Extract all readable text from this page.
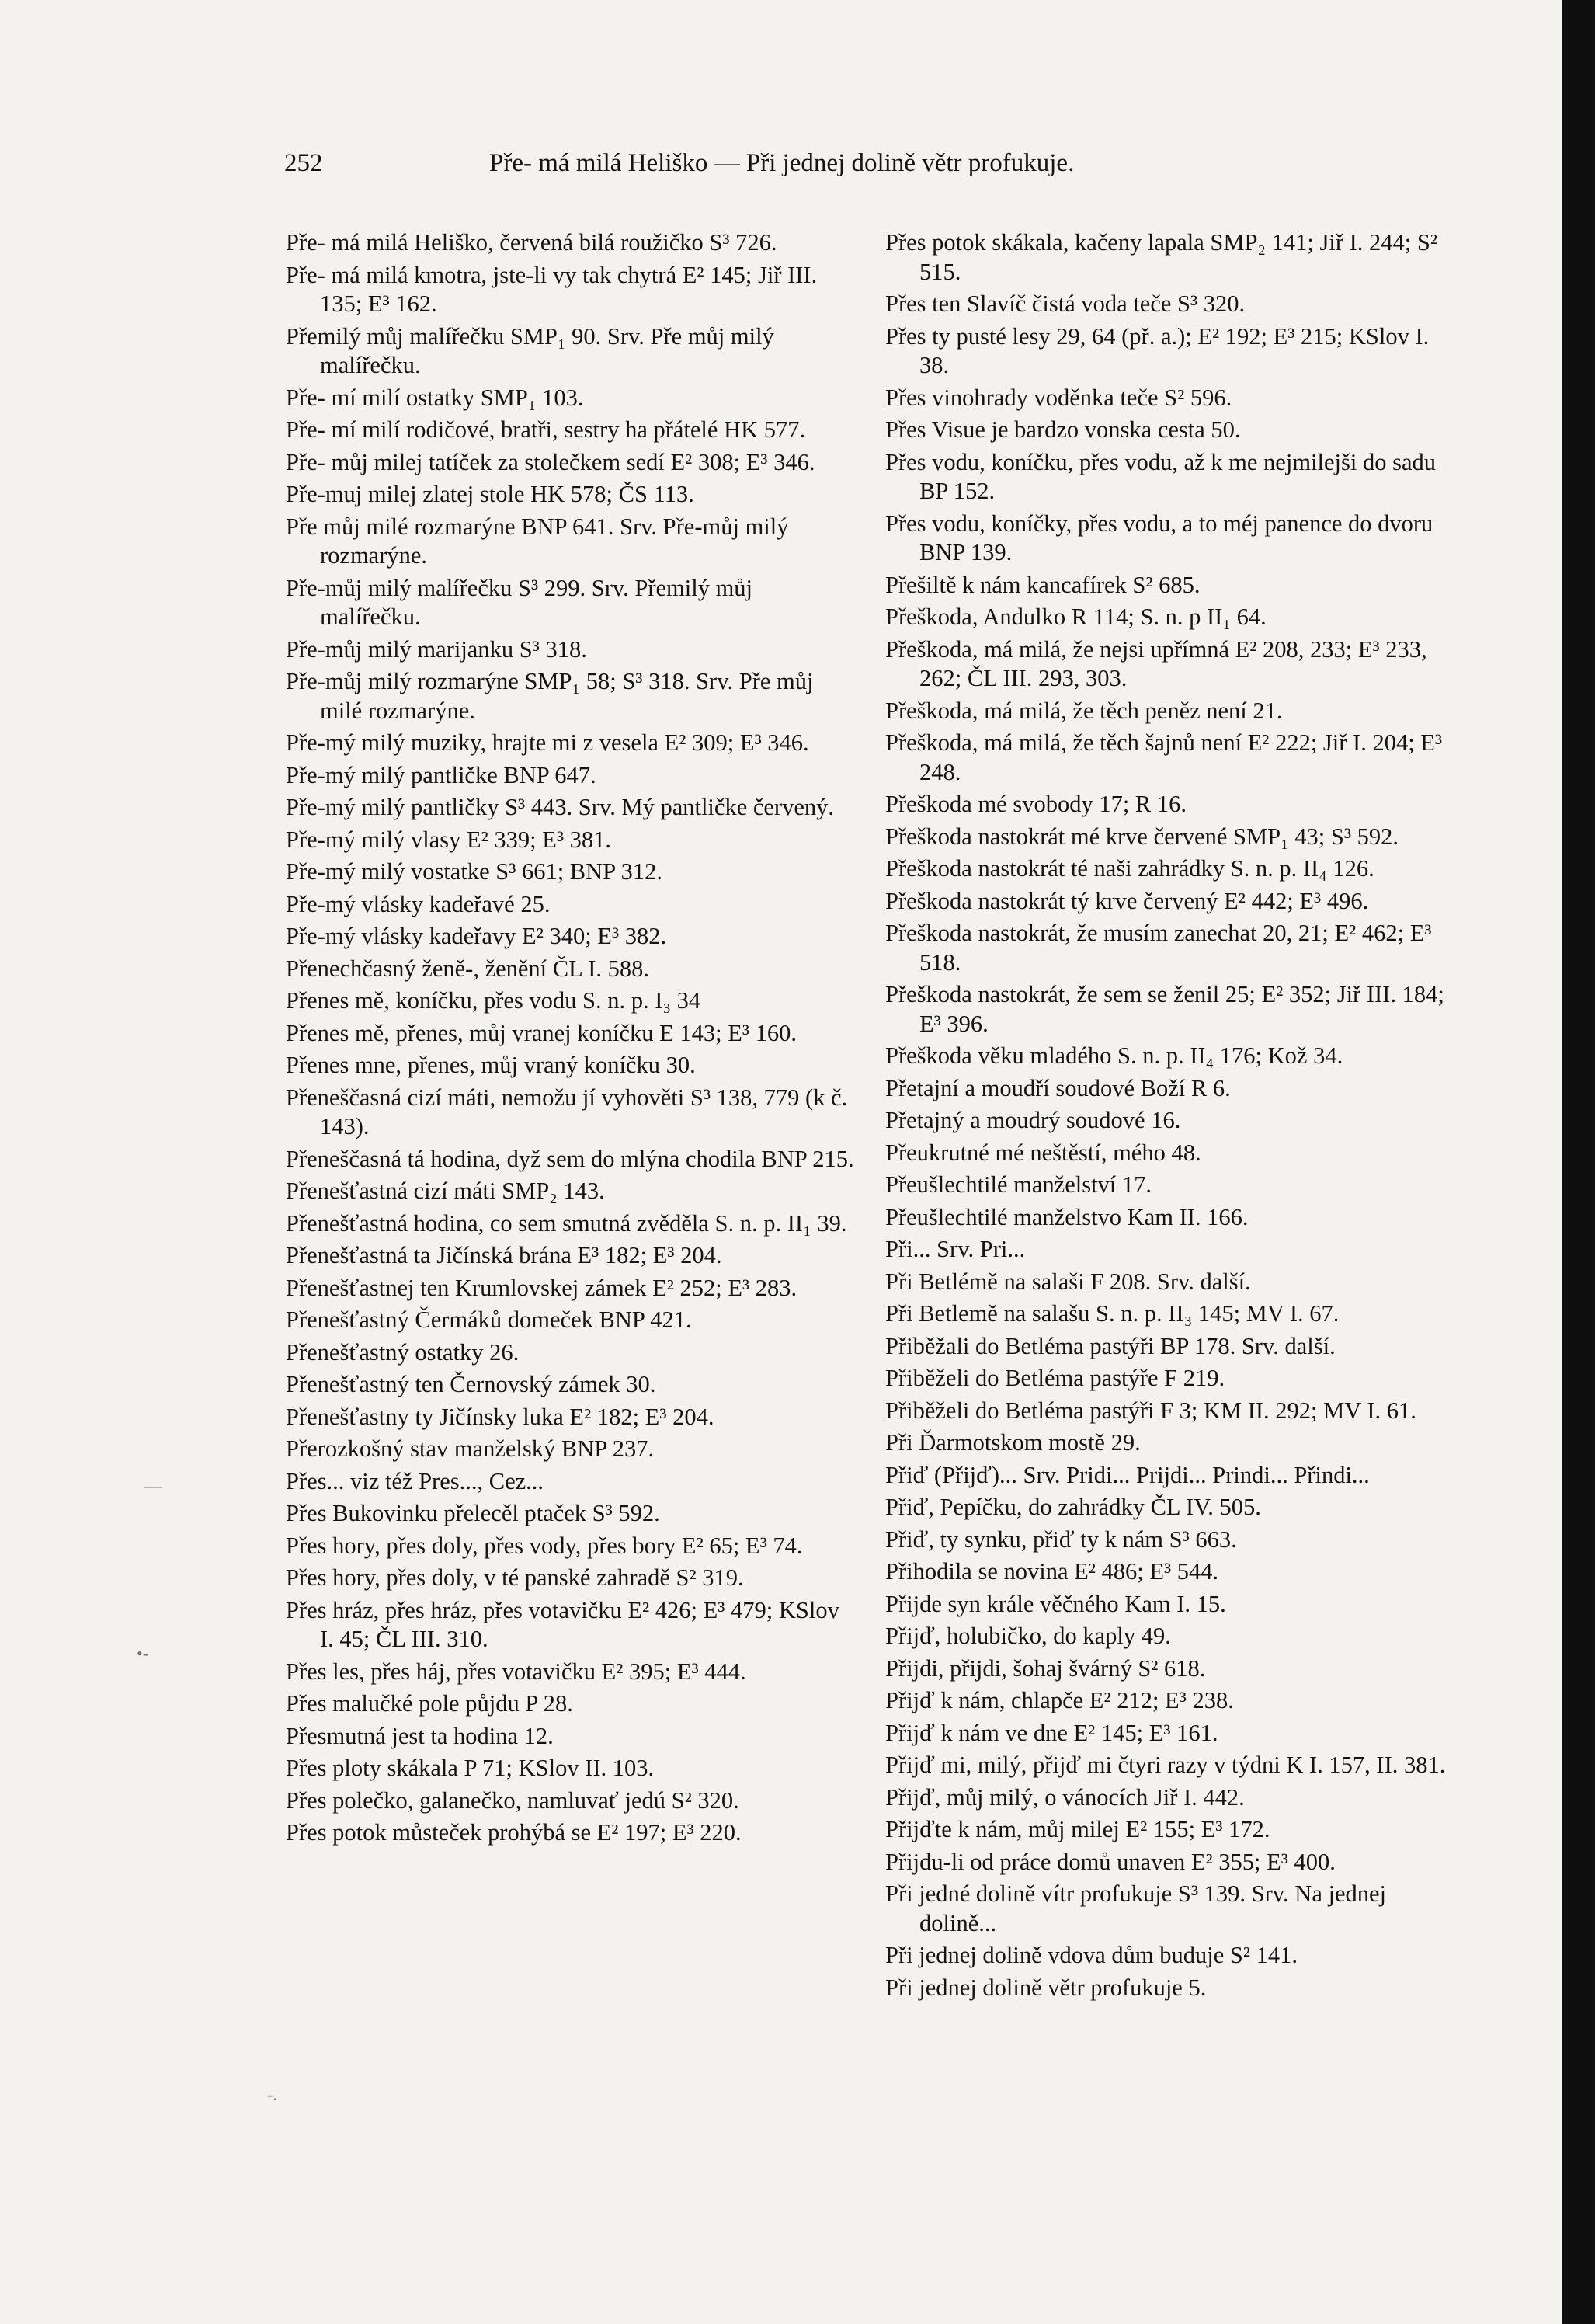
252	Pře- má milá Heliško — Při jednej dolině větr profukuje.
Pře- má milá Heliško, červená bilá roužičko S³ 726.
Pře- má milá kmotra, jste-li vy tak chytrá E² 145; Jiř III. 135; E³ 162.
Přemilý můj malířečku SMP₁ 90. Srv. Pře můj milý malířečku.
Pře- mí milí ostatky SMP₁ 103.
Pře- mí milí rodičové, bratři, sestry ha přátelé HK 577.
Pře- můj milej tatíček za stolečkem sedí E² 308; E³ 346.
Pře-muj milej zlatej stole HK 578; ČS 113.
Pře můj milé rozmarýne BNP 641. Srv. Pře-můj milý rozmarýne.
Pře-můj milý malířečku S³ 299. Srv. Přemilý můj malířečku.
Pře-můj milý marijanku S³ 318.
Pře-můj milý rozmarýne SMP₁ 58; S³ 318. Srv. Pře můj milé rozmarýne.
Pře-mý milý muziky, hrajte mi z vesela E² 309; E³ 346.
Pře-mý milý pantličke BNP 647.
Pře-mý milý pantličky S³ 443. Srv. Mý pantličke červený.
Pře-mý milý vlasy E² 339; E³ 381.
Pře-mý milý vostatke S³ 661; BNP 312.
Pře-mý vlásky kadeřavé 25.
Pře-mý vlásky kadeřavy E² 340; E³ 382.
Přenechčasný ženě-, ženění ČL I. 588.
Přenes mě, koníčku, přes vodu S. n. p. I₃ 34
Přenes mě, přenes, můj vranej koníčku E 143; E³ 160.
Přenes mne, přenes, můj vraný koníčku 30.
Přeneščasná cizí máti, nemožu jí vyhověti S³ 138, 779 (k č. 143).
Přeneščasná tá hodina, dyž sem do mlýna chodila BNP 215.
Přenešťastná cizí máti SMP₂ 143.
Přenešťastná hodina, co sem smutná zvěděla S. n. p. II₁ 39.
Přenešťastná ta Jičínská brána E³ 182; E³ 204.
Přenešťastnej ten Krumlovskej zámek E² 252; E³ 283.
Přenešťastný Čermáků domeček BNP 421.
Přenešťastný ostatky 26.
Přenešťastný ten Černovský zámek 30.
Přenešťastny ty Jičínsky luka E² 182; E³ 204.
Přerozkošný stav manželský BNP 237.
Přes... viz též Pres..., Cez...
Přes Bukovinku přelecěl ptaček S³ 592.
Přes hory, přes doly, přes vody, přes bory E² 65; E³ 74.
Přes hory, přes doly, v té panské zahradě S² 319.
Přes hráz, přes hráz, přes votavičku E² 426; E³ 479; KSlov I. 45; ČL III. 310.
Přes les, přes háj, přes votavičku E² 395; E³ 444.
Přes malučké pole půjdu P 28.
Přesmutná jest ta hodina 12.
Přes ploty skákala P 71; KSlov II. 103.
Přes polečko, galanečko, namluvať jedú S² 320.
Přes potok můsteček prohýbá se E² 197; E³ 220.
Přes potok skákala, kačeny lapala SMP₂ 141; Jiř I. 244; S² 515.
Přes ten Slavíč čistá voda teče S³ 320.
Přes ty pusté lesy 29, 64 (př. a.); E² 192; E³ 215; KSlov I. 38.
Přes vinohrady voděnka teče S² 596.
Přes Visue je bardzo vonska cesta 50.
Přes vodu, koníčku, přes vodu, až k me nejmilejši do sadu BP 152.
Přes vodu, koníčky, přes vodu, a to méj panence do dvoru BNP 139.
Přešiltě k nám kancafírek S² 685.
Přeškoda, Andulko R 114; S. n. p II₁ 64.
Přeškoda, má milá, že nejsi upřímná E² 208, 233; E³ 233, 262; ČL III. 293, 303.
Přeškoda, má milá, že těch peněz není 21.
Přeškoda, má milá, že těch šajnů není E² 222; Jiř I. 204; E³ 248.
Přeškoda mé svobody 17; R 16.
Přeškoda nastokrát mé krve červené SMP₁ 43; S³ 592.
Přeškoda nastokrát té naši zahrádky S. n. p. II₄ 126.
Přeškoda nastokrát tý krve červený E² 442; E³ 496.
Přeškoda nastokrát, že musím zanechat 20, 21; E² 462; E³ 518.
Přeškoda nastokrát, že sem se ženil 25; E² 352; Jiř III. 184; E³ 396.
Přeškoda věku mladého S. n. p. II₄ 176; Kož 34.
Přetajní a moudří soudové Boží R 6.
Přetajný a moudrý soudové 16.
Přeukrutné mé neštěstí, mého 48.
Přeušlechtilé manželství 17.
Přeušlechtilé manželstvo Kam II. 166.
Při... Srv. Pri...
Při Betlémě na salaši F 208. Srv. další.
Při Betlemě na salašu S. n. p. II₃ 145; MV I. 67.
Přiběžali do Betléma pastýři BP 178. Srv. další.
Přiběželi do Betléma pastýře F 219.
Přiběželi do Betléma pastýři F 3; KM II. 292; MV I. 61.
Při Ďarmotskom mostě 29.
Přiď (Přijď)... Srv. Pridi... Prijdi... Prindi... Přindi...
Přiď, Pepíčku, do zahrádky ČL IV. 505.
Přiď, ty synku, přiď ty k nám S³ 663.
Přihodila se novina E² 486; E³ 544.
Přijde syn krále věčného Kam I. 15.
Přijď, holubičko, do kaply 49.
Přijdi, přijdi, šohaj švárný S² 618.
Přijď k nám, chlapče E² 212; E³ 238.
Přijď k nám ve dne E² 145; E³ 161.
Přijď mi, milý, přijď mi čtyri razy v týdni K I. 157, II. 381.
Přijď, můj milý, o vánocích Jiř I. 442.
Přijďte k nám, můj milej E² 155; E³ 172.
Přijdu-li od práce domů unaven E² 355; E³ 400.
Při jedné dolině vítr profukuje S³ 139. Srv. Na jednej dolině...
Při jednej dolině vdova dům buduje S² 141.
Při jednej dolině větr profukuje 5.
—
•-
-.
